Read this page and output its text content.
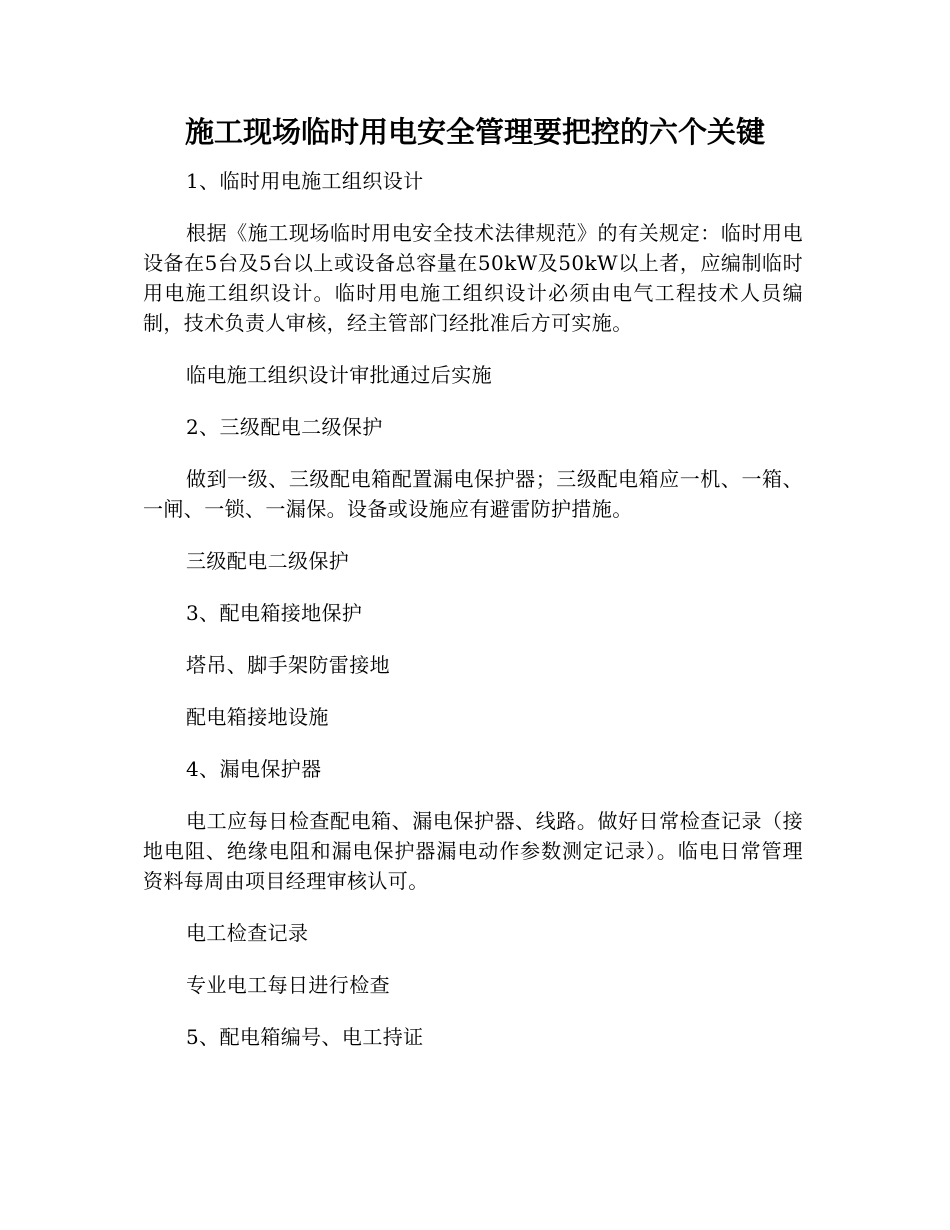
施工现场临时用电安全管理要把控的六个关键

1、临时用电施工组织设计

根据《施工现场临时用电安全技术法律规范》的有关规定：临时用电设备在5台及5台以上或设备总容量在50kW及50kW以上者，应编制临时用电施工组织设计。临时用电施工组织设计必须由电气工程技术人员编制，技术负责人审核，经主管部门经批准后方可实施。

临电施工组织设计审批通过后实施

2、三级配电二级保护

做到一级、三级配电箱配置漏电保护器；三级配电箱应一机、一箱、一闸、一锁、一漏保。设备或设施应有避雷防护措施。

三级配电二级保护

3、配电箱接地保护

塔吊、脚手架防雷接地

配电箱接地设施

4、漏电保护器

电工应每日检查配电箱、漏电保护器、线路。做好日常检查记录（接地电阻、绝缘电阻和漏电保护器漏电动作参数测定记录）。临电日常管理资料每周由项目经理审核认可。

电工检查记录

专业电工每日进行检查

5、配电箱编号、电工持证
